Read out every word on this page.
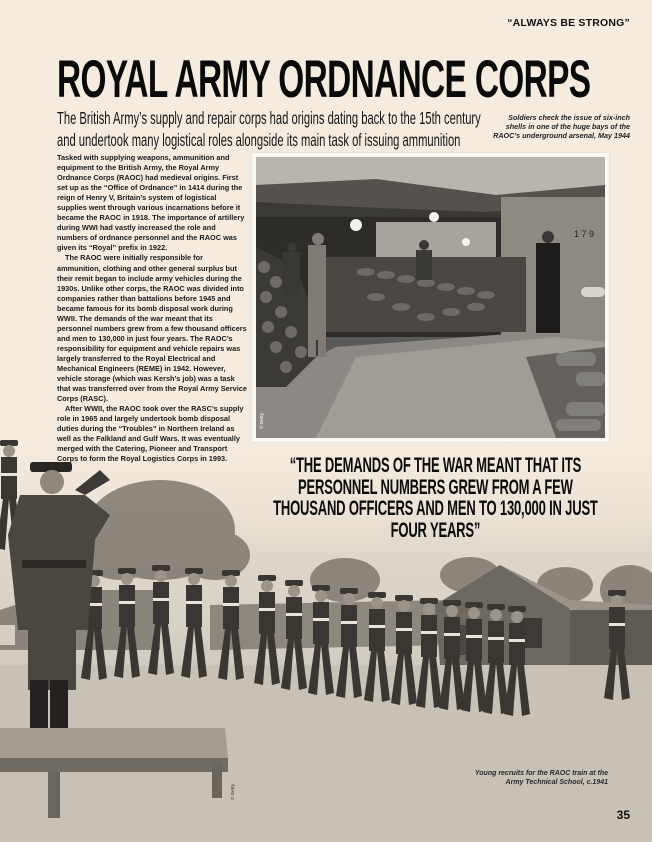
“ALWAYS BE STRONG”
ROYAL ARMY ORDNANCE CORPS
The British Army’s supply and repair corps had origins dating back to the 15th century
and undertook many logistical roles alongside its main task of issuing ammunition
Soldiers check the issue of six-inch shells in one of the huge bays of the RAOC’s underground arsenal, May 1944

Tasked with supplying weapons, ammunition and equipment to the British Army, the Royal Army Ordnance Corps (RAOC) had medieval origins. First set up as the “Office of Ordnance” in 1414 during the reign of Henry V, Britain’s system of logistical supplies went through various incarnations before it became the RAOC in 1918. The importance of artillery during WWI had vastly increased the role and numbers of ordnance personnel and the RAOC was given its “Royal” prefix in 1922.

The RAOC were initially responsible for ammunition, clothing and other general surplus but their remit began to include army vehicles during the 1930s. Unlike other corps, the RAOC was divided into companies rather than battalions before 1945 and became famous for its bomb disposal work during WWII. The demands of the war meant that its personnel numbers grew from a few thousand officers and men to 130,000 in just four years. The RAOC’s responsibility for equipment and vehicle repairs was largely transferred to the Royal Electrical and Mechanical Engineers (REME) in 1942. However, vehicle storage (which was Kersh’s job) was a task that was transferred over from the Royal Army Service Corps (RASC).

After WWII, the RAOC took over the RASC’s supply role in 1965 and largely undertook bomb disposal duties during the “Troubles” in Northern Ireland as well as the Falkland and Gulf Wars. It was eventually merged with the Catering, Pioneer and Transport Corps to form the Royal Logistics Corps in 1993.

1 7 9
© Getty
“THE DEMANDS OF THE WAR MEANT THAT ITS PERSONNEL NUMBERS GREW FROM A FEW THOUSAND OFFICERS AND MEN TO 130,000 IN JUST FOUR YEARS”
© Getty
Young recruits for the RAOC train at the
Army Technical School, c.1941
35
